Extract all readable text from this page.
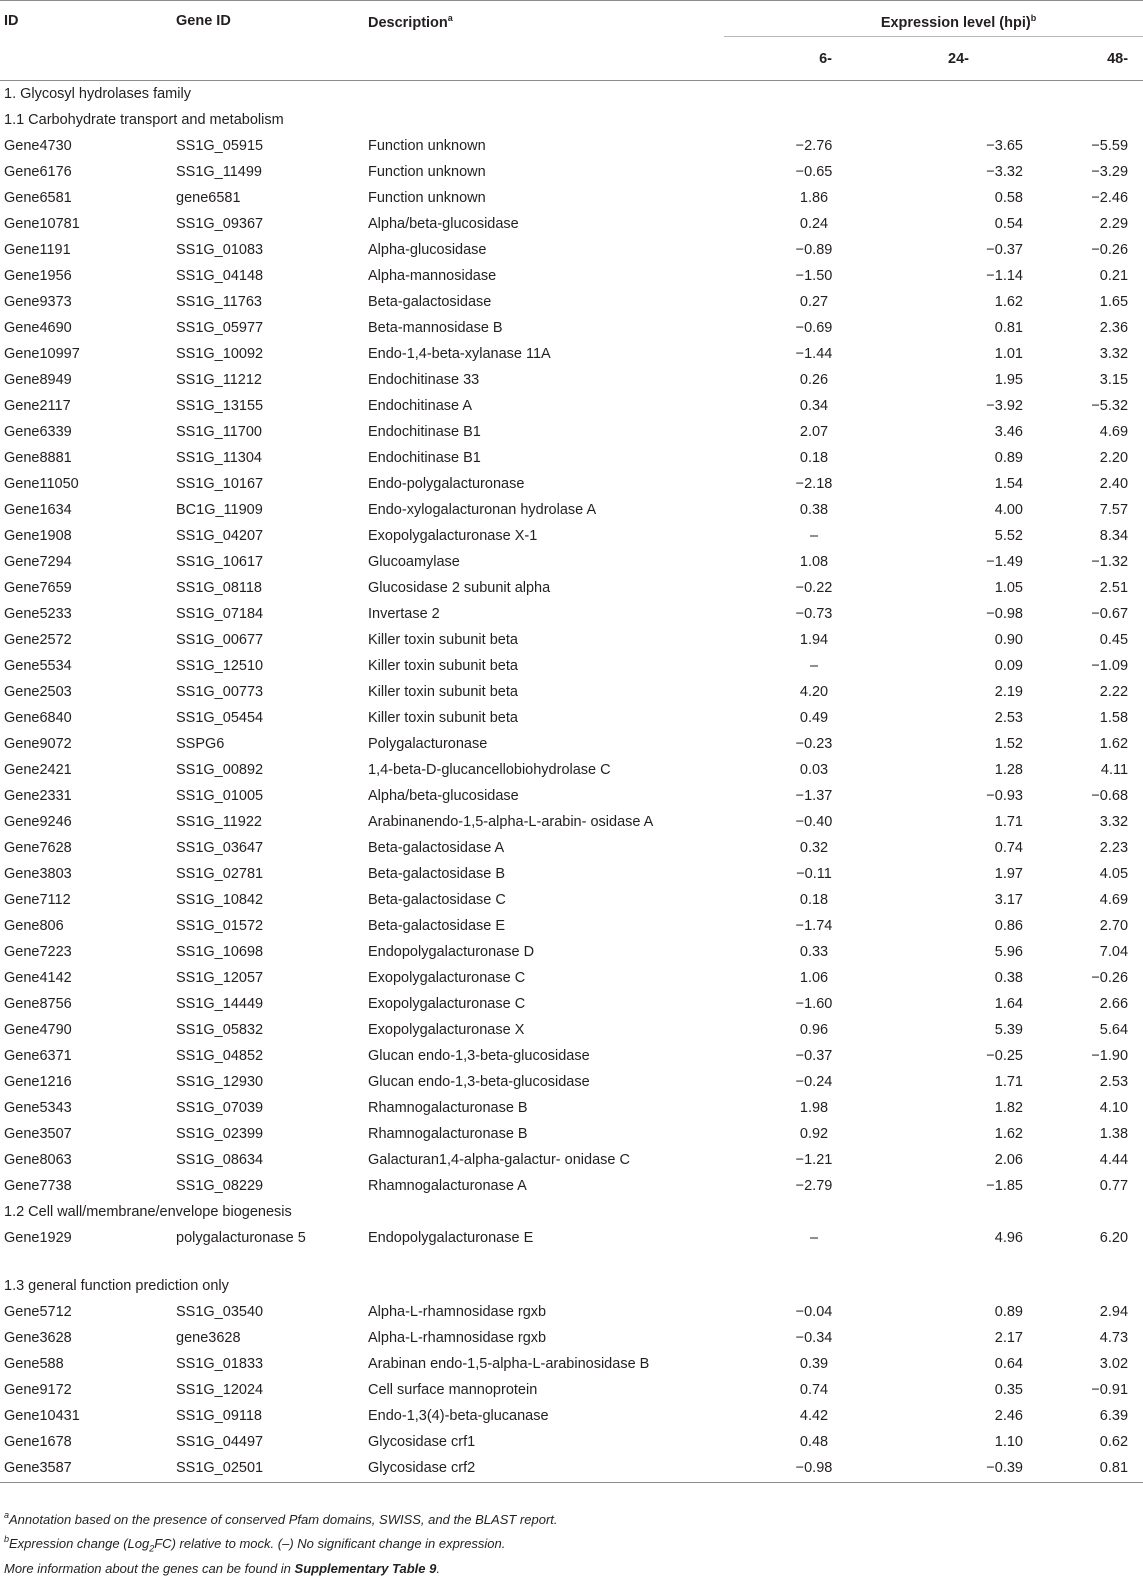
ID	Gene ID	Description$^a$	Expression level (hpi)$^b$
			6-	24-	48-
1. Glycosyl hydrolases family					
1.1 Carbohydrate transport and metabolism					
Gene4730	SS1G_05915	Function unknown	−2.76	−3.65	−5.59
Gene6176	SS1G_11499	Function unknown	−0.65	−3.32	−3.29
Gene6581	gene6581	Function unknown	1.86	0.58	−2.46
Gene10781	SS1G_09367	Alpha/beta-glucosidase	0.24	0.54	2.29
Gene1191	SS1G_01083	Alpha-glucosidase	−0.89	−0.37	−0.26
Gene1956	SS1G_04148	Alpha-mannosidase	−1.50	−1.14	0.21
Gene9373	SS1G_11763	Beta-galactosidase	0.27	1.62	1.65
Gene4690	SS1G_05977	Beta-mannosidase B	−0.69	0.81	2.36
Gene10997	SS1G_10092	Endo-1,4-beta-xylanase 11A	−1.44	1.01	3.32
Gene8949	SS1G_11212	Endochitinase 33	0.26	1.95	3.15
Gene2117	SS1G_13155	Endochitinase A	0.34	−3.92	−5.32
Gene6339	SS1G_11700	Endochitinase B1	2.07	3.46	4.69
Gene8881	SS1G_11304	Endochitinase B1	0.18	0.89	2.20
Gene11050	SS1G_10167	Endo-polygalacturonase	−2.18	1.54	2.40
Gene1634	BC1G_11909	Endo-xylogalacturonan hydrolase A	0.38	4.00	7.57
Gene1908	SS1G_04207	Exopolygalacturonase X-1	–	5.52	8.34
Gene7294	SS1G_10617	Glucoamylase	1.08	−1.49	−1.32
Gene7659	SS1G_08118	Glucosidase 2 subunit alpha	−0.22	1.05	2.51
Gene5233	SS1G_07184	Invertase 2	−0.73	−0.98	−0.67
Gene2572	SS1G_00677	Killer toxin subunit beta	1.94	0.90	0.45
Gene5534	SS1G_12510	Killer toxin subunit beta	–	0.09	−1.09
Gene2503	SS1G_00773	Killer toxin subunit beta	4.20	2.19	2.22
Gene6840	SS1G_05454	Killer toxin subunit beta	0.49	2.53	1.58
Gene9072	SSPG6	Polygalacturonase	−0.23	1.52	1.62
Gene2421	SS1G_00892	1,4-beta-D-glucancellobiohydrolase C	0.03	1.28	4.11
Gene2331	SS1G_01005	Alpha/beta-glucosidase	−1.37	−0.93	−0.68
Gene9246	SS1G_11922	Arabinanendo-1,5-alpha-L-arabin- osidase A	−0.40	1.71	3.32
Gene7628	SS1G_03647	Beta-galactosidase A	0.32	0.74	2.23
Gene3803	SS1G_02781	Beta-galactosidase B	−0.11	1.97	4.05
Gene7112	SS1G_10842	Beta-galactosidase C	0.18	3.17	4.69
Gene806	SS1G_01572	Beta-galactosidase E	−1.74	0.86	2.70
Gene7223	SS1G_10698	Endopolygalacturonase D	0.33	5.96	7.04
Gene4142	SS1G_12057	Exopolygalacturonase C	1.06	0.38	−0.26
Gene8756	SS1G_14449	Exopolygalacturonase C	−1.60	1.64	2.66
Gene4790	SS1G_05832	Exopolygalacturonase X	0.96	5.39	5.64
Gene6371	SS1G_04852	Glucan endo-1,3-beta-glucosidase	−0.37	−0.25	−1.90
Gene1216	SS1G_12930	Glucan endo-1,3-beta-glucosidase	−0.24	1.71	2.53
Gene5343	SS1G_07039	Rhamnogalacturonase B	1.98	1.82	4.10
Gene3507	SS1G_02399	Rhamnogalacturonase B	0.92	1.62	1.38
Gene8063	SS1G_08634	Galacturan1,4-alpha-galactur- onidase C	−1.21	2.06	4.44
Gene7738	SS1G_08229	Rhamnogalacturonase A	−2.79	−1.85	0.77
1.2 Cell wall/membrane/envelope biogenesis					
Gene1929	polygalacturonase 5	Endopolygalacturonase E	–	4.96	6.20
1.3 general function prediction only					
Gene5712	SS1G_03540	Alpha-L-rhamnosidase rgxb	−0.04	0.89	2.94
Gene3628	gene3628	Alpha-L-rhamnosidase rgxb	−0.34	2.17	4.73
Gene588	SS1G_01833	Arabinan endo-1,5-alpha-L-arabinosidase B	0.39	0.64	3.02
Gene9172	SS1G_12024	Cell surface mannoprotein	0.74	0.35	−0.91
Gene10431	SS1G_09118	Endo-1,3(4)-beta-glucanase	4.42	2.46	6.39
Gene1678	SS1G_04497	Glycosidase crf1	0.48	1.10	0.62
Gene3587	SS1G_02501	Glycosidase crf2	−0.98	−0.39	0.81

$^a$Annotation based on the presence of conserved Pfam domains, SWISS, and the BLAST report.

$^b$Expression change (Log$_2$FC) relative to mock. (–) No significant change in expression.

More information about the genes can be found in Supplementary Table 9.
